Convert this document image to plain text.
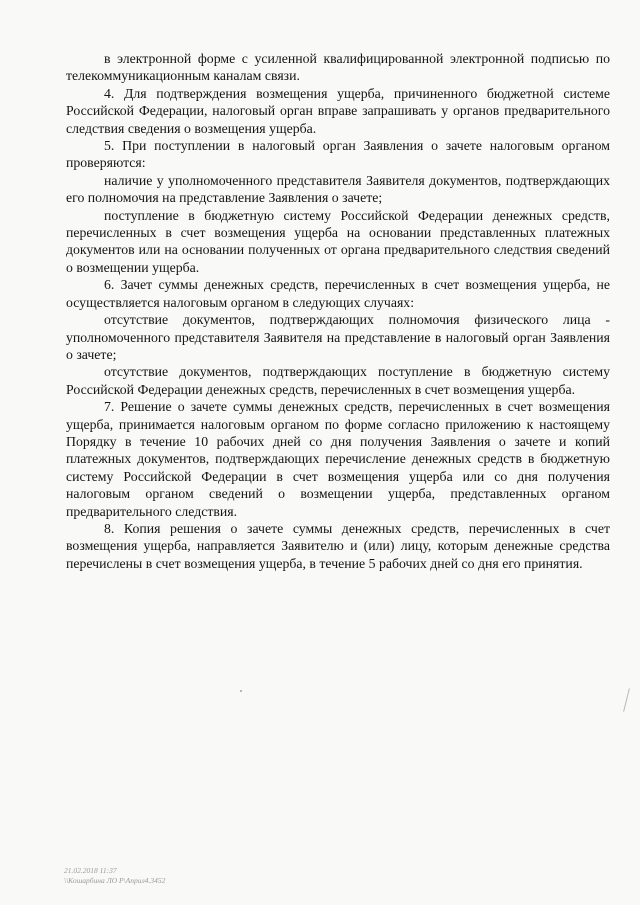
в электронной форме с усиленной квалифицированной электронной подписью по телекоммуникационным каналам связи.

4. Для подтверждения возмещения ущерба, причиненного бюджетной системе Российской Федерации, налоговый орган вправе запрашивать у органов предварительного следствия сведения о возмещения ущерба.

5. При поступлении в налоговый орган Заявления о зачете налоговым органом проверяются:

наличие у уполномоченного представителя Заявителя документов, подтверждающих его полномочия на представление Заявления о зачете;

поступление в бюджетную систему Российской Федерации денежных средств, перечисленных в счет возмещения ущерба на основании представленных платежных документов или на основании полученных от органа предварительного следствия сведений о возмещении ущерба.

6. Зачет суммы денежных средств, перечисленных в счет возмещения ущерба, не осуществляется налоговым органом в следующих случаях:

отсутствие документов, подтверждающих полномочия физического лица - уполномоченного представителя Заявителя на представление в налоговый орган Заявления о зачете;

отсутствие документов, подтверждающих поступление в бюджетную систему Российской Федерации денежных средств, перечисленных в счет возмещения ущерба.

7. Решение о зачете суммы денежных средств, перечисленных в счет возмещения ущерба, принимается налоговым органом по форме согласно приложению к настоящему Порядку в течение 10 рабочих дней со дня получения Заявления о зачете и копий платежных документов, подтверждающих перечисление денежных средств в бюджетную систему Российской Федерации в счет возмещения ущерба или со дня получения налоговым органом сведений о возмещении ущерба, представленных органом предварительного следствия.

8. Копия решения о зачете суммы денежных средств, перечисленных в счет возмещения ущерба, направляется Заявителю и (или) лицу, которым денежные средства перечислены в счет возмещения ущерба, в течение 5 рабочих дней со дня его принятия.

21.02.2018 11:37
\\Кошарбина ЛО Р\Април4.3452
